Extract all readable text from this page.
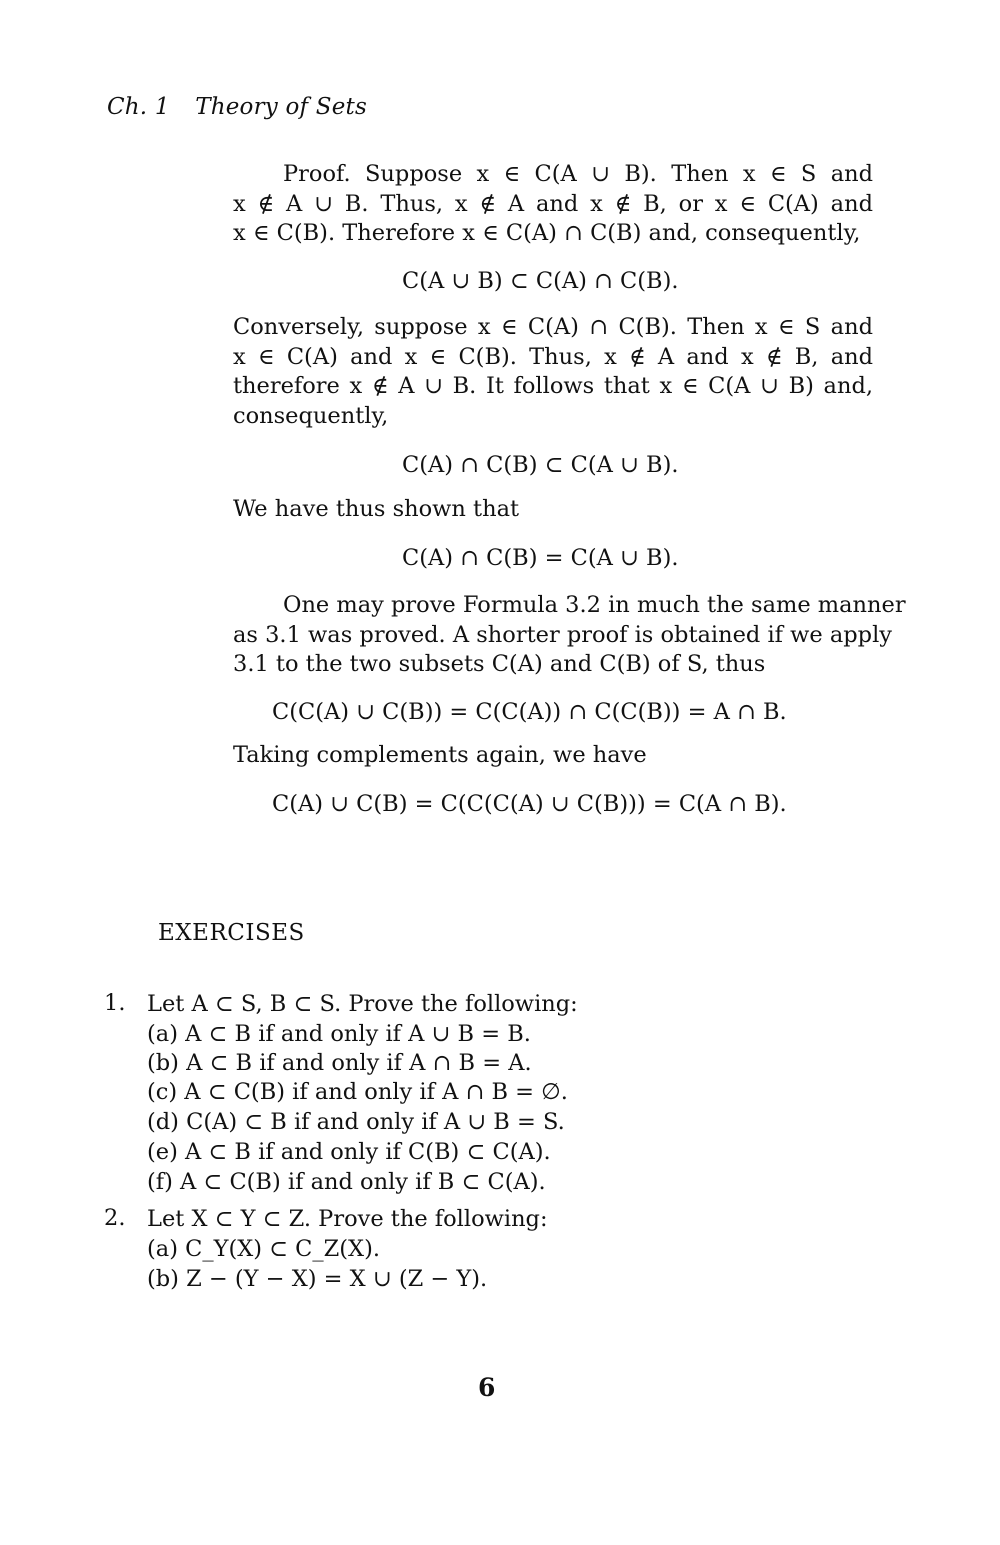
Ch. 1 Theory of Sets
Proof. Suppose x ∈ C(A ∪ B). Then x ∈ S and
x ∉ A ∪ B. Thus, x ∉ A and x ∉ B, or x ∈ C(A) and
x ∈ C(B). Therefore x ∈ C(A) ∩ C(B) and, consequently,
C(A ∪ B) ⊂ C(A) ∩ C(B).
Conversely, suppose x ∈ C(A) ∩ C(B). Then x ∈ S and
x ∈ C(A) and x ∈ C(B). Thus, x ∉ A and x ∉ B, and
therefore x ∉ A ∪ B. It follows that x ∈ C(A ∪ B) and,
consequently,
C(A) ∩ C(B) ⊂ C(A ∪ B).
We have thus shown that
C(A) ∩ C(B) = C(A ∪ B).
One may prove Formula 3.2 in much the same manner
as 3.1 was proved. A shorter proof is obtained if we apply
3.1 to the two subsets C(A) and C(B) of S, thus
C(C(A) ∪ C(B)) = C(C(A)) ∩ C(C(B)) = A ∩ B.
Taking complements again, we have
C(A) ∪ C(B) = C(C(C(A) ∪ C(B))) = C(A ∩ B).
EXERCISES
1. Let A ⊂ S, B ⊂ S. Prove the following:
(a) A ⊂ B if and only if A ∪ B = B.
(b) A ⊂ B if and only if A ∩ B = A.
(c) A ⊂ C(B) if and only if A ∩ B = ∅.
(d) C(A) ⊂ B if and only if A ∪ B = S.
(e) A ⊂ B if and only if C(B) ⊂ C(A).
(f) A ⊂ C(B) if and only if B ⊂ C(A).
2. Let X ⊂ Y ⊂ Z. Prove the following:
(a) C_Y(X) ⊂ C_Z(X).
(b) Z − (Y − X) = X ∪ (Z − Y).
6
